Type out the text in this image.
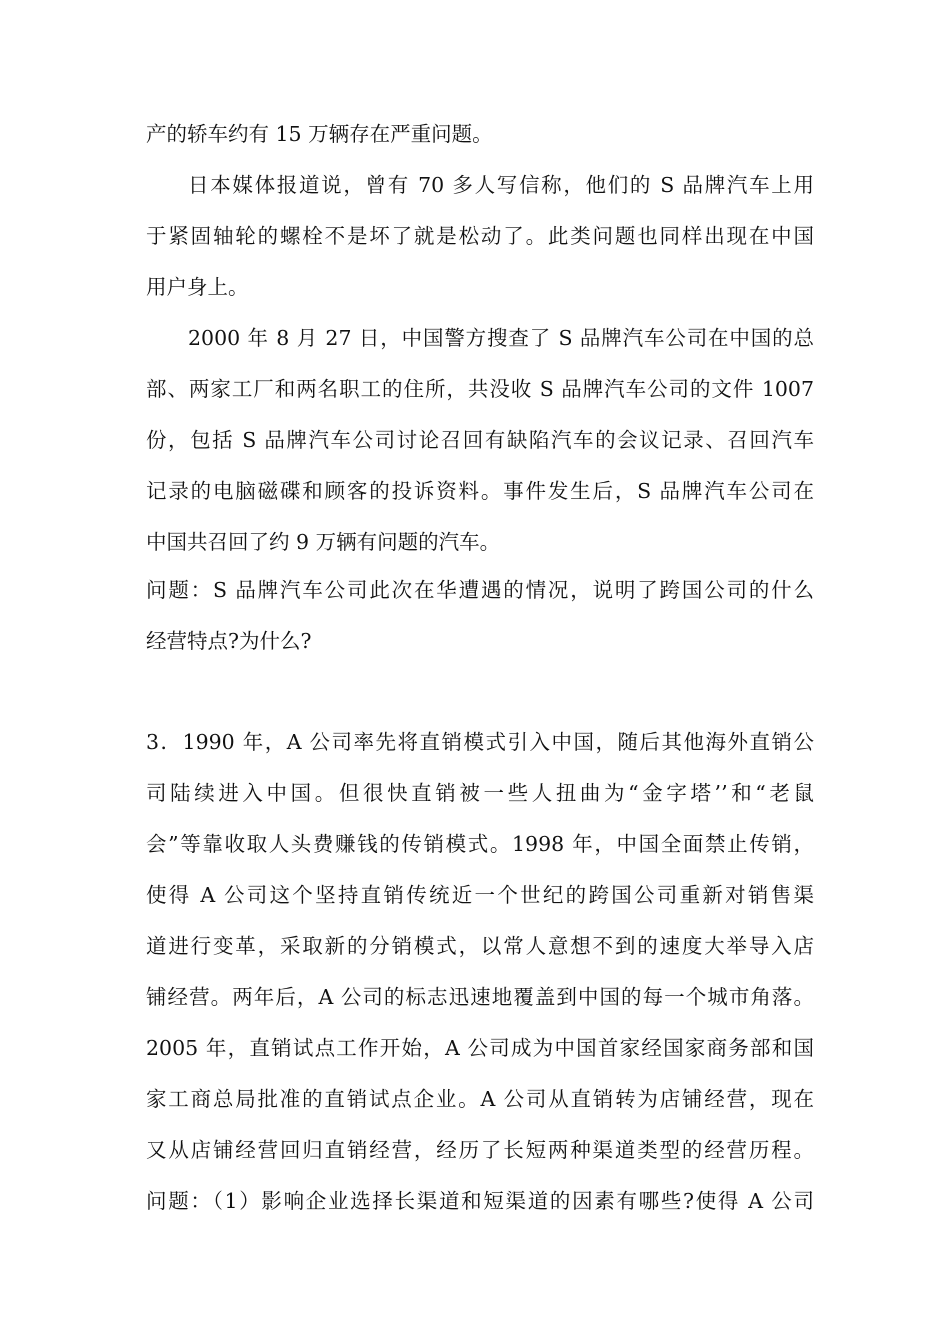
产的轿车约有 15 万辆存在严重问题。
日本媒体报道说，曾有 70 多人写信称，他们的 S 品牌汽车上用
于紧固轴轮的螺栓不是坏了就是松动了。此类问题也同样出现在中国
用户身上。
2000 年 8 月 27 日，中国警方搜查了 S 品牌汽车公司在中国的总
部、两家工厂和两名职工的住所，共没收 S 品牌汽车公司的文件 1007
份，包括 S 品牌汽车公司讨论召回有缺陷汽车的会议记录、召回汽车
记录的电脑磁碟和顾客的投诉资料。事件发生后，S 品牌汽车公司在
中国共召回了约 9 万辆有问题的汽车。
问题：S 品牌汽车公司此次在华遭遇的情况，说明了跨国公司的什么
经营特点?为什么?
3．1990 年，A 公司率先将直销模式引入中国，随后其他海外直销公
司陆续进入中国。但很快直销被一些人扭曲为“金字塔’’和“老鼠
会”等靠收取人头费赚钱的传销模式。1998 年，中国全面禁止传销，
使得 A 公司这个坚持直销传统近一个世纪的跨国公司重新对销售渠
道进行变革，采取新的分销模式，以常人意想不到的速度大举导入店
铺经营。两年后，A 公司的标志迅速地覆盖到中国的每一个城市角落。
2005 年，直销试点工作开始，A 公司成为中国首家经国家商务部和国
家工商总局批准的直销试点企业。A 公司从直销转为店铺经营，现在
又从店铺经营回归直销经营，经历了长短两种渠道类型的经营历程。
问题：（1）影响企业选择长渠道和短渠道的因素有哪些?使得 A 公司
